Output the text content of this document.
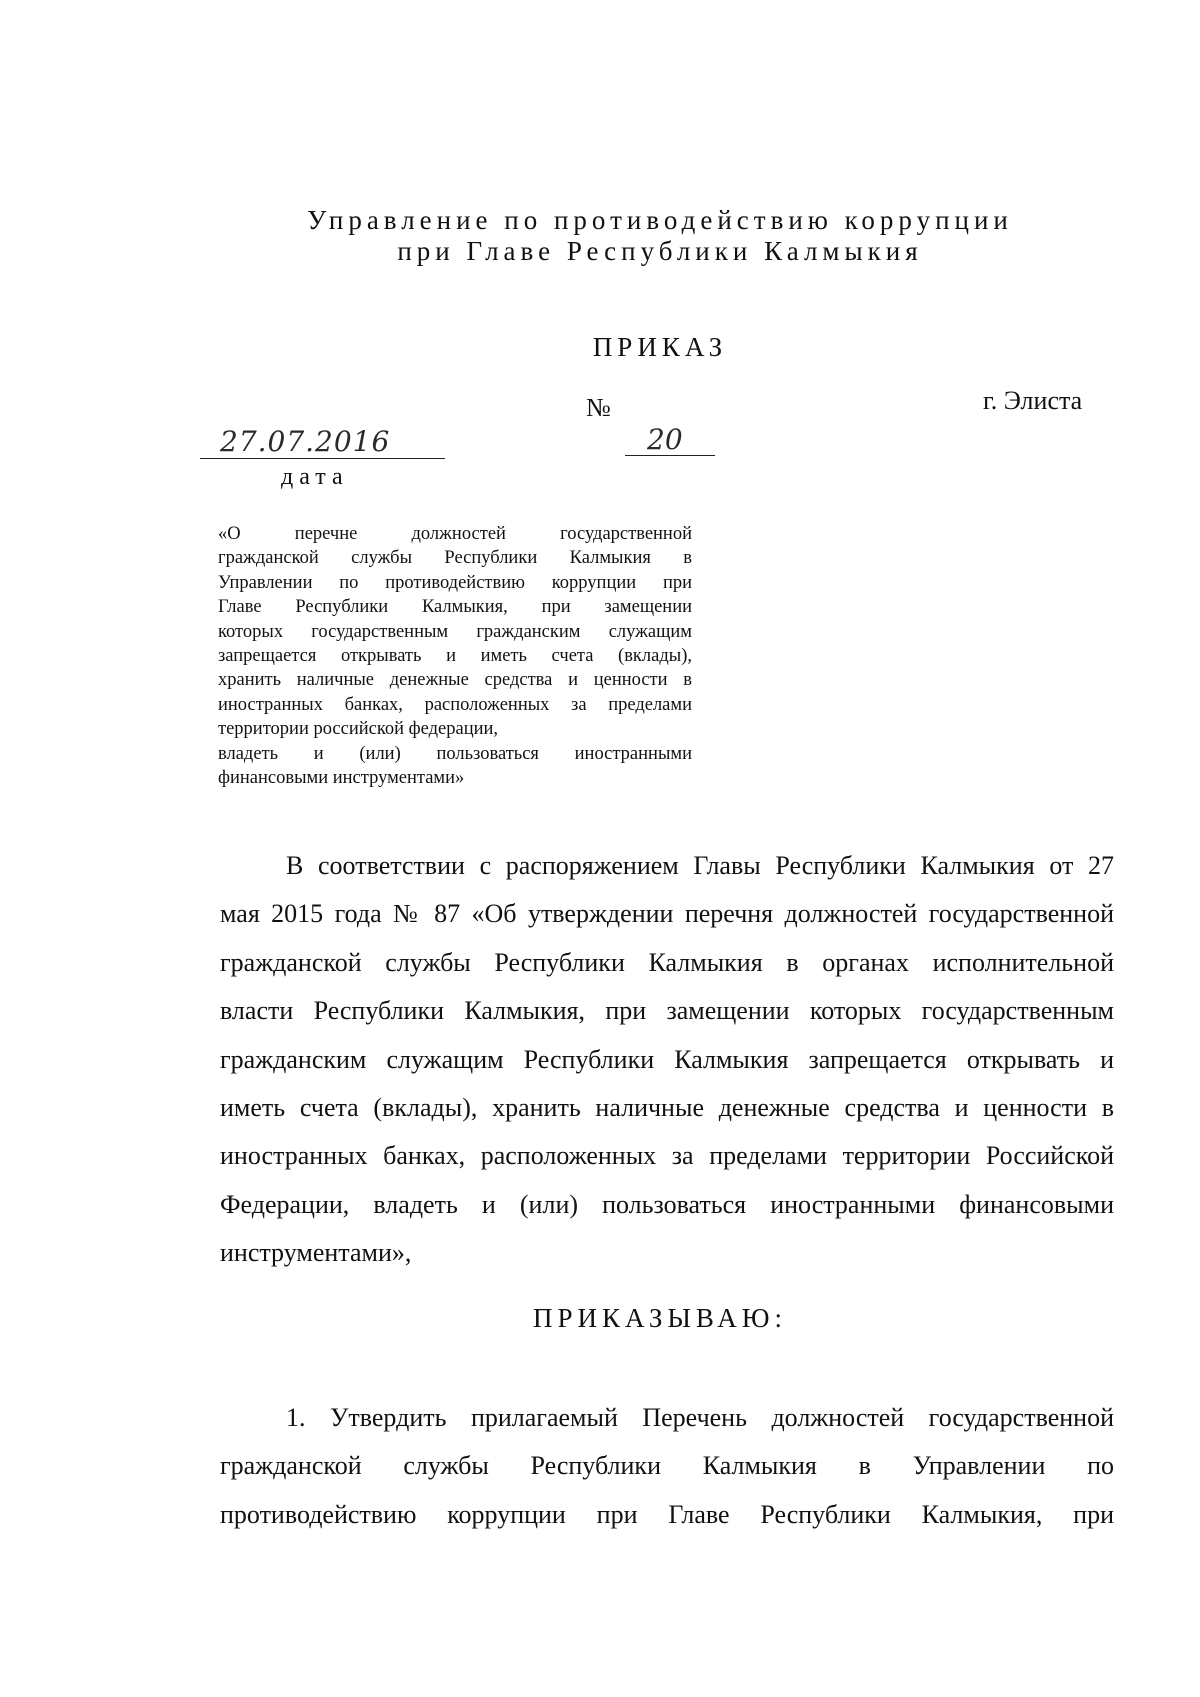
Управление по противодействию коррупции
при Главе Республики Калмыкия
ПРИКАЗ
№	г. Элиста
27.07.2016	20
дата
«О перечне должностей государственной
гражданской службы Республики Калмыкия в
Управлении по противодействию коррупции при
Главе Республики Калмыкия, при замещении
которых государственным гражданским служащим
запрещается открывать и иметь счета (вклады),
хранить наличные денежные средства и ценности в
иностранных банках, расположенных за пределами
территории российской федерации,
владеть и (или) пользоваться иностранными
финансовыми инструментами»
В соответствии с распоряжением Главы Республики Калмыкия от 27
мая 2015 года № 87 «Об утверждении перечня должностей государственной
гражданской службы Республики Калмыкия в органах исполнительной
власти Республики Калмыкия, при замещении которых государственным
гражданским служащим Республики Калмыкия запрещается открывать и
иметь счета (вклады), хранить наличные денежные средства и ценности в
иностранных банках, расположенных за пределами территории Российской
Федерации, владеть и (или) пользоваться иностранными финансовыми
инструментами»,
ПРИКАЗЫВАЮ:
1. Утвердить прилагаемый Перечень должностей государственной
гражданской службы Республики Калмыкия в Управлении по
противодействию коррупции при Главе Республики Калмыкия, при
